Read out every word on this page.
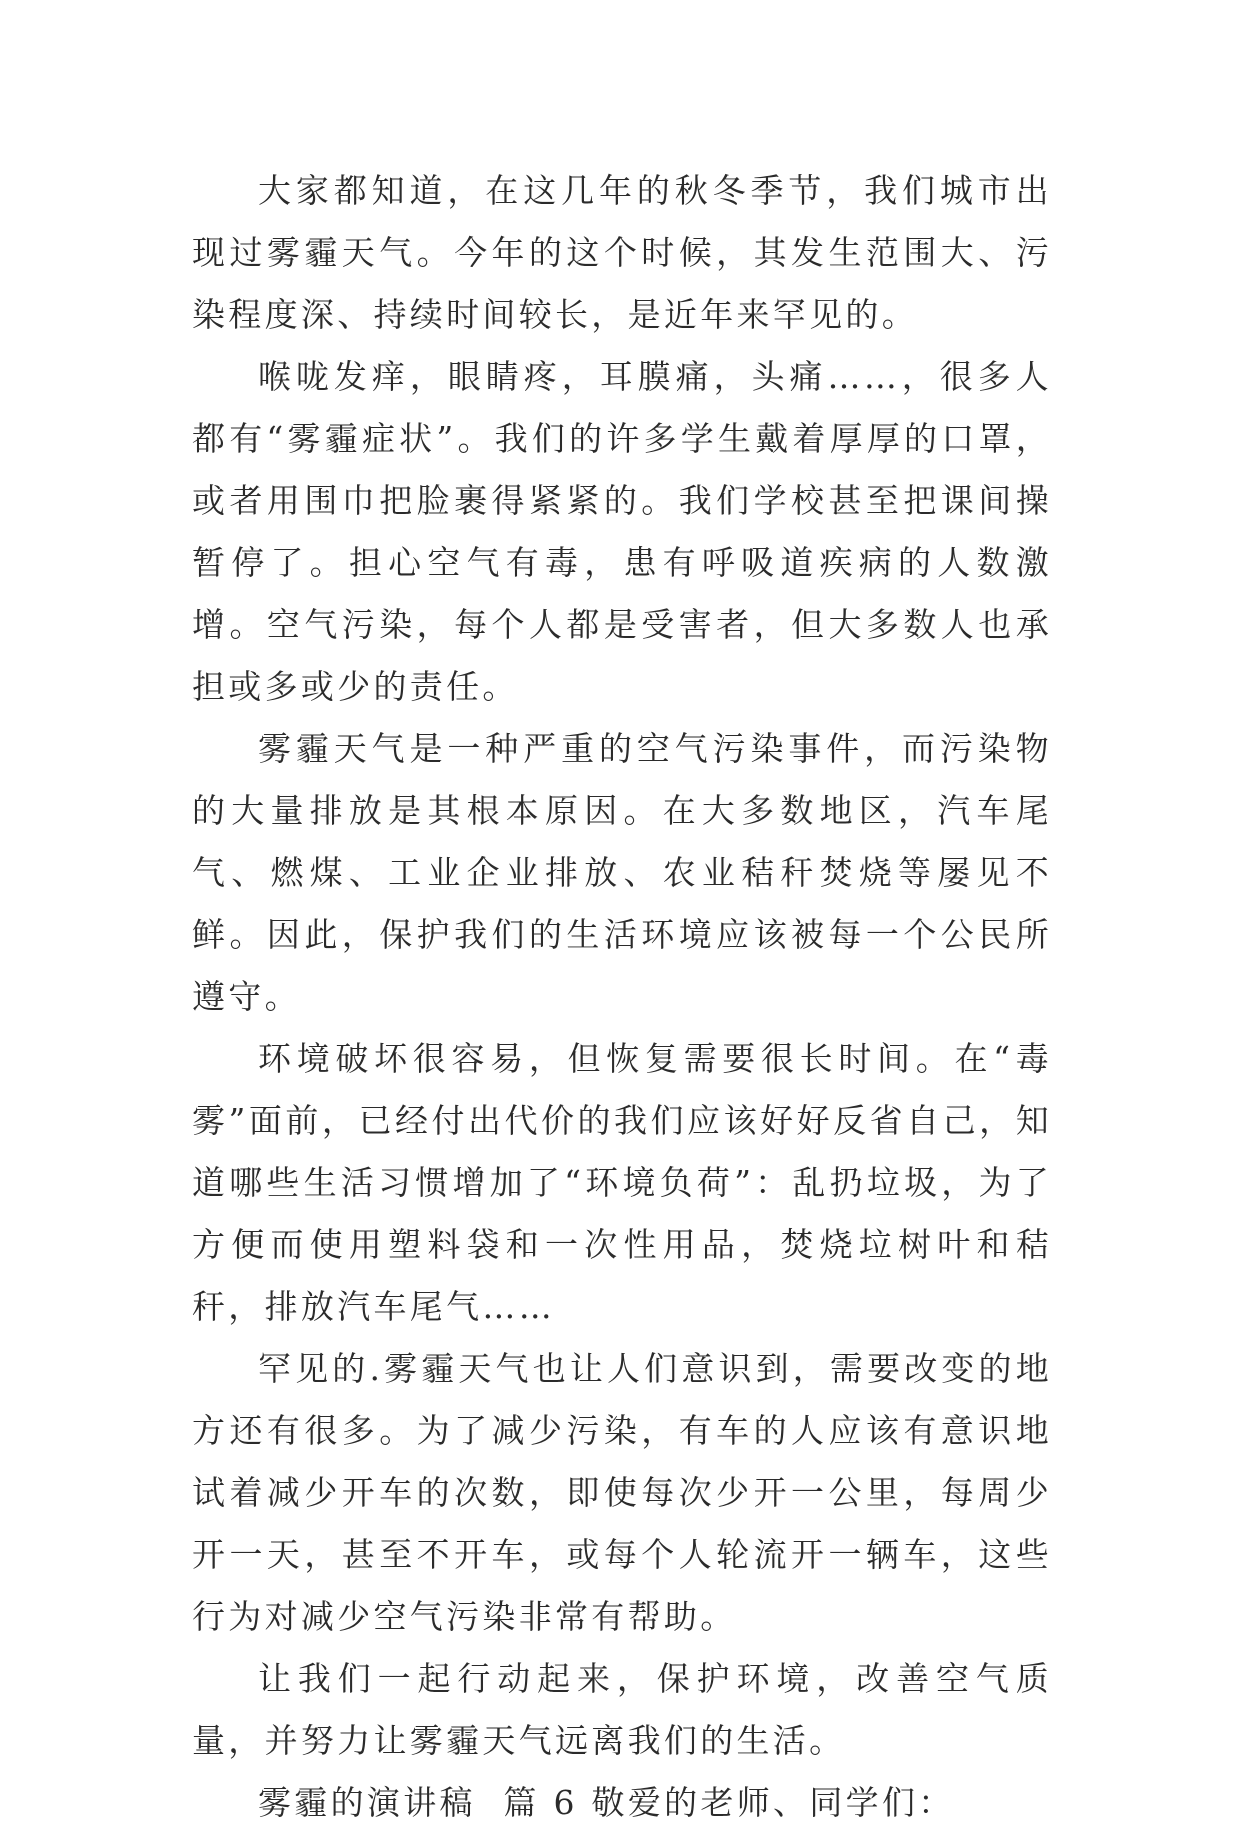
大家都知道，在这几年的秋冬季节，我们城市出现过雾霾天气。今年的这个时候，其发生范围大、污染程度深、持续时间较长，是近年来罕见的。

喉咙发痒，眼睛疼，耳膜痛，头痛……，很多人都有“雾霾症状”。我们的许多学生戴着厚厚的口罩，或者用围巾把脸裹得紧紧的。我们学校甚至把课间操暂停了。担心空气有毒，患有呼吸道疾病的人数激增。空气污染，每个人都是受害者，但大多数人也承担或多或少的责任。

雾霾天气是一种严重的空气污染事件，而污染物的大量排放是其根本原因。在大多数地区，汽车尾气、燃煤、工业企业排放、农业秸秆焚烧等屡见不鲜。因此，保护我们的生活环境应该被每一个公民所遵守。

环境破坏很容易，但恢复需要很长时间。在“毒雾”面前，已经付出代价的我们应该好好反省自己，知道哪些生活习惯增加了“环境负荷”：乱扔垃圾，为了方便而使用塑料袋和一次性用品，焚烧垃树叶和秸秆，排放汽车尾气……

罕见的.雾霾天气也让人们意识到，需要改变的地方还有很多。为了减少污染，有车的人应该有意识地试着减少开车的次数，即使每次少开一公里，每周少开一天，甚至不开车，或每个人轮流开一辆车，这些行为对减少空气污染非常有帮助。

让我们一起行动起来，保护环境，改善空气质量，并努力让雾霾天气远离我们的生活。

雾霾的演讲稿  篇 6 敬爱的老师、同学们：
